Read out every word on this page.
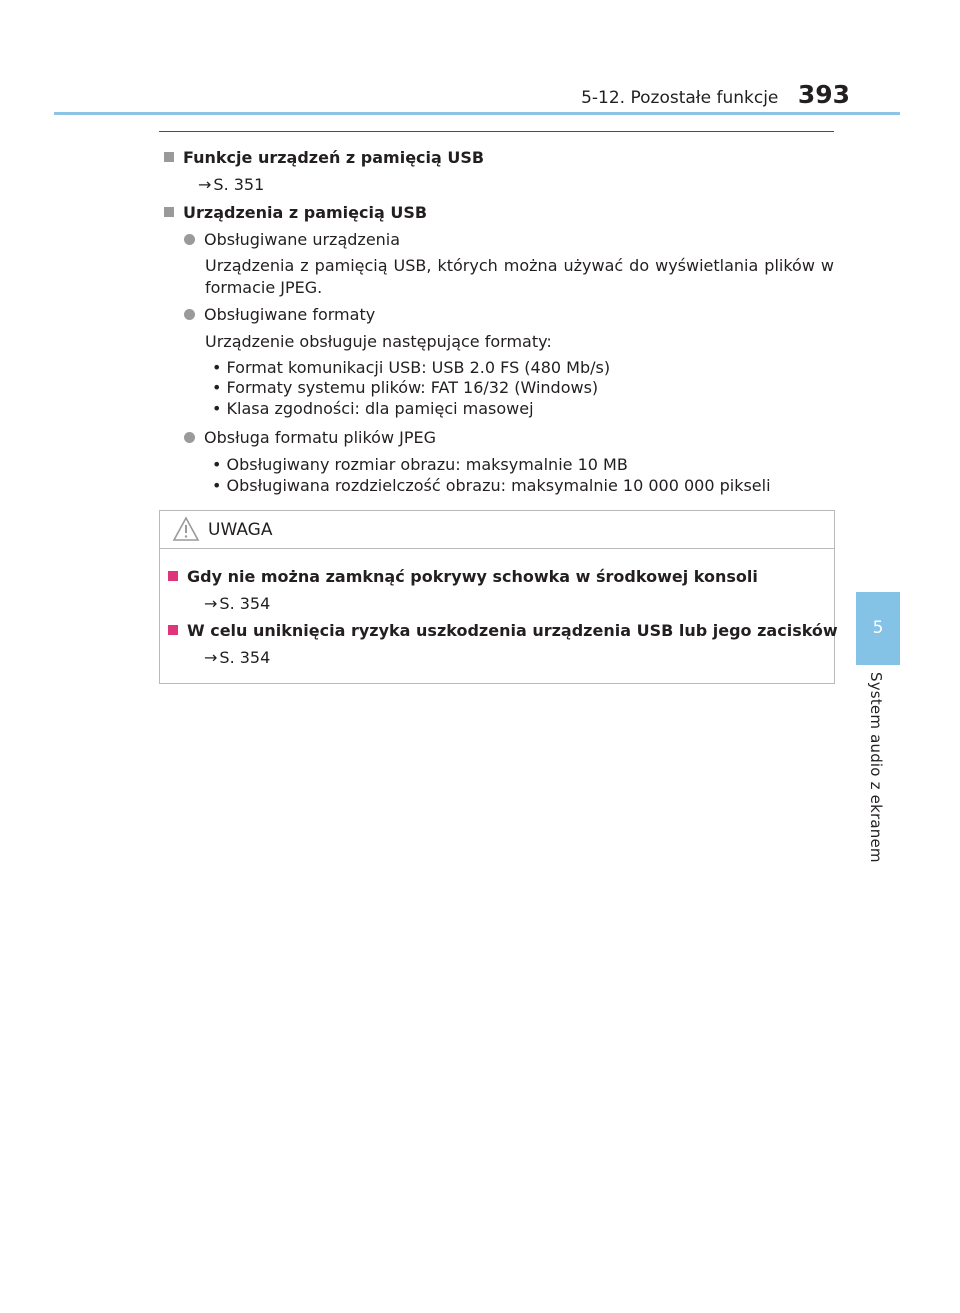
5-12. Pozostałe funkcje 393
5
System audio z ekranem
Funkcje urządzeń z pamięcią USB
→ S. 351
Urządzenia z pamięcią USB
Obsługiwane urządzenia
Urządzenia z pamięcią USB, których można używać do wyświetlania plików w formacie JPEG.
Obsługiwane formaty
Urządzenie obsługuje następujące formaty:
• Format komunikacji USB: USB 2.0 FS (480 Mb/s)
• Formaty systemu plików: FAT 16/32 (Windows)
• Klasa zgodności: dla pamięci masowej
Obsługa formatu plików JPEG
• Obsługiwany rozmiar obrazu: maksymalnie 10 MB
• Obsługiwana rozdzielczość obrazu: maksymalnie 10 000 000 pikseli
UWAGA
Gdy nie można zamknąć pokrywy schowka w środkowej konsoli
→ S. 354
W celu uniknięcia ryzyka uszkodzenia urządzenia USB lub jego zacisków
→ S. 354
